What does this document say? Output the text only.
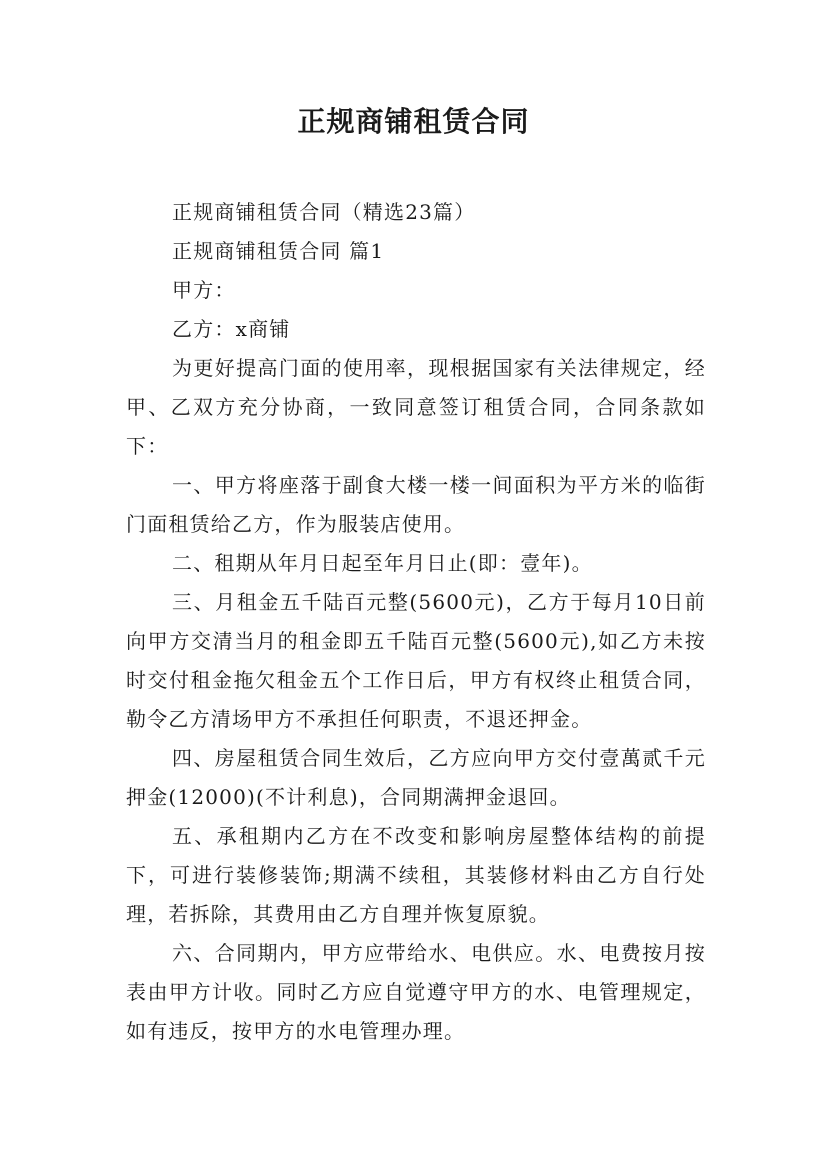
正规商铺租赁合同

正规商铺租赁合同（精选23篇）

正规商铺租赁合同 篇1

甲方：

乙方：x商铺

为更好提高门面的使用率，现根据国家有关法律规定，经甲、乙双方充分协商，一致同意签订租赁合同，合同条款如下：

一、甲方将座落于副食大楼一楼一间面积为平方米的临街门面租赁给乙方，作为服装店使用。

二、租期从年月日起至年月日止(即：壹年)。

三、月租金五千陆百元整(5600元)，乙方于每月10日前向甲方交清当月的租金即五千陆百元整(5600元),如乙方未按时交付租金拖欠租金五个工作日后，甲方有权终止租赁合同，勒令乙方清场甲方不承担任何职责，不退还押金。

四、房屋租赁合同生效后，乙方应向甲方交付壹萬贰千元押金(12000)(不计利息)，合同期满押金退回。

五、承租期内乙方在不改变和影响房屋整体结构的前提下，可进行装修装饰;期满不续租，其装修材料由乙方自行处理，若拆除，其费用由乙方自理并恢复原貌。

六、合同期内，甲方应带给水、电供应。水、电费按月按表由甲方计收。同时乙方应自觉遵守甲方的水、电管理规定，如有违反，按甲方的水电管理办理。
